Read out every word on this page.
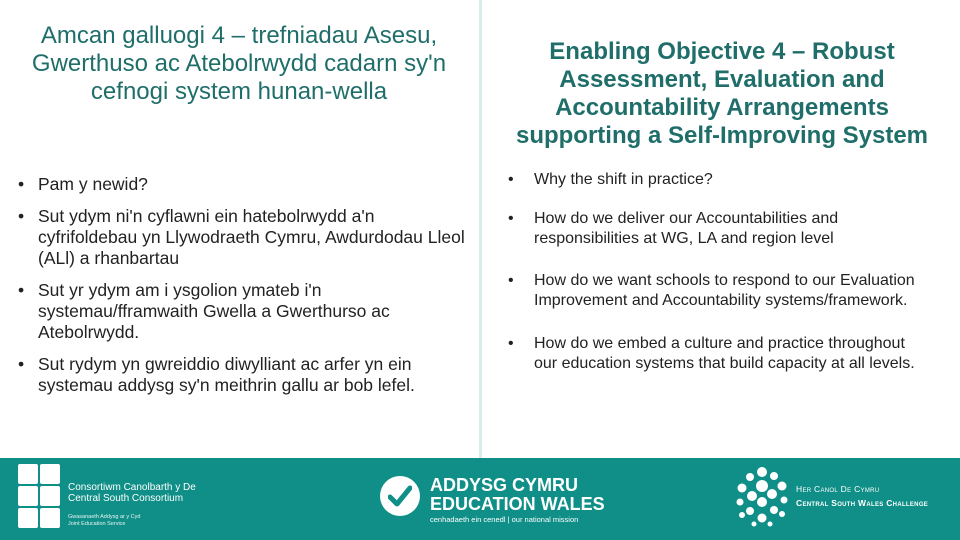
Amcan galluogi 4 – trefniadau Asesu, Gwerthuso ac Atebolrwydd cadarn sy'n cefnogi system hunan-wella
• Pam y newid?
• Sut ydym ni'n cyflawni ein hatebolrwydd a'n cyfrifoldebau yn Llywodraeth Cymru, Awdurdodau Lleol (ALl) a rhanbartau
• Sut yr ydym am i ysgolion ymateb i'n systemau/fframwaith Gwella a Gwerthurso ac Atebolrwydd.
• Sut rydym yn gwreiddio diwylliant ac arfer yn ein systemau addysg sy'n meithrin gallu ar bob lefel.
Enabling Objective 4 – Robust Assessment, Evaluation and Accountability Arrangements supporting a Self-Improving System
• Why the shift in practice?
• How do we deliver our Accountabilities and responsibilities at WG, LA and region level
• How do we want schools to respond to our Evaluation Improvement and Accountability systems/framework.
• How do we embed a culture and practice throughout our education systems that build capacity at all levels.
Consortiwm Canolbarth y De
Central South Consortium
Gwasanaeth Addysg ar y Cyd
Joint Education Service
ADDYSG CYMRU
EDUCATION WALES
cenhadaeth ein cenedl | our national mission
Her Canol De Cymru
Central South Wales Challenge
